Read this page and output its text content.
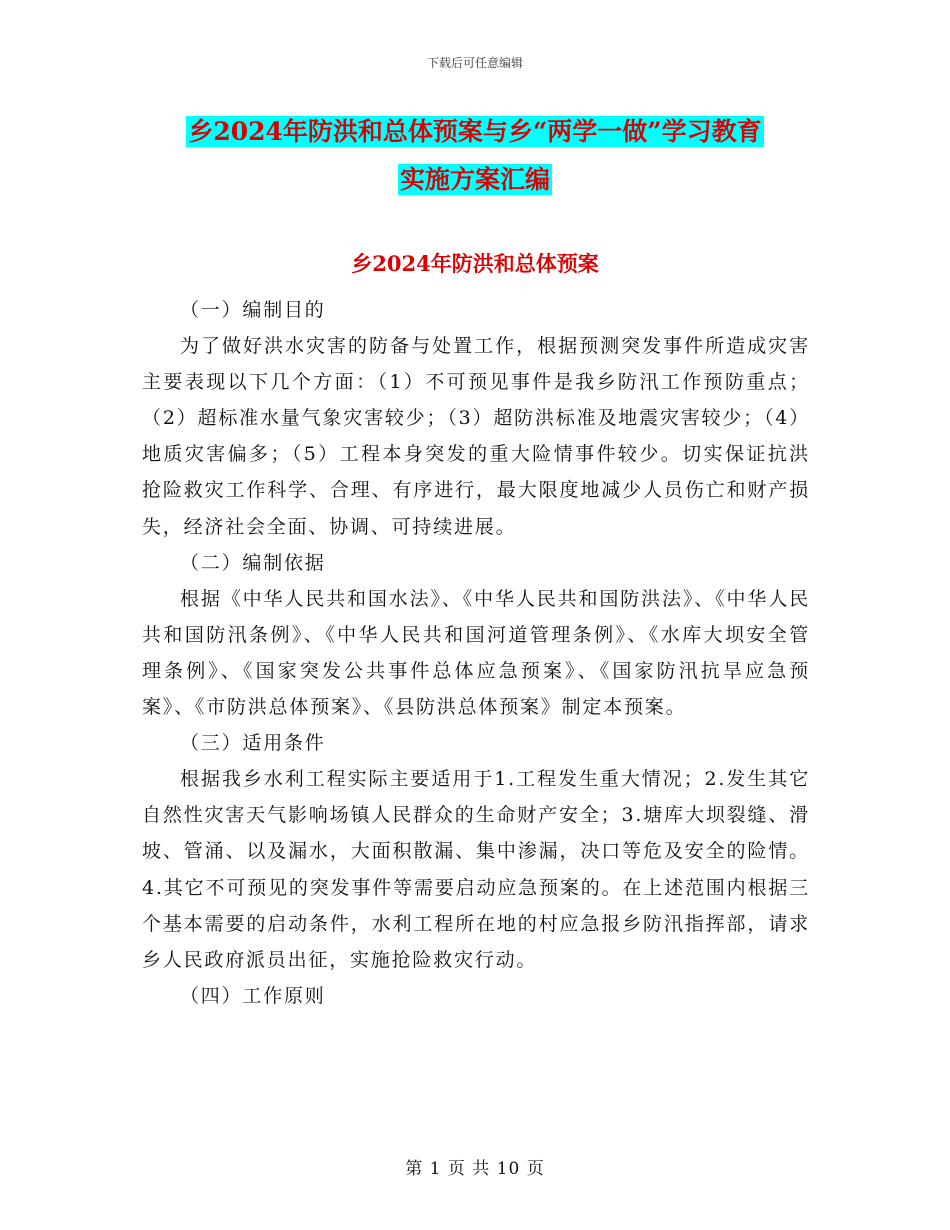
下载后可任意编辑
乡2024年防洪和总体预案与乡“两学一做”学习教育
实施方案汇编
乡2024年防洪和总体预案

（一）编制目的

为了做好洪水灾害的防备与处置工作，根据预测突发事件所造成灾害主要表现以下几个方面：（1）不可预见事件是我乡防汛工作预防重点；（2）超标准水量气象灾害较少；（3）超防洪标准及地震灾害较少；（4）地质灾害偏多；（5）工程本身突发的重大险情事件较少。切实保证抗洪抢险救灾工作科学、合理、有序进行，最大限度地减少人员伤亡和财产损失，经济社会全面、协调、可持续进展。

（二）编制依据

根据《中华人民共和国水法》、《中华人民共和国防洪法》、《中华人民共和国防汛条例》、《中华人民共和国河道管理条例》、《水库大坝安全管理条例》、《国家突发公共事件总体应急预案》、《国家防汛抗旱应急预案》、《市防洪总体预案》、《县防洪总体预案》制定本预案。

（三）适用条件

根据我乡水利工程实际主要适用于1.工程发生重大情况；2.发生其它自然性灾害天气影响场镇人民群众的生命财产安全；3.塘库大坝裂缝、滑坡、管涌、以及漏水，大面积散漏、集中渗漏，决口等危及安全的险情。4.其它不可预见的突发事件等需要启动应急预案的。在上述范围内根据三个基本需要的启动条件，水利工程所在地的村应急报乡防汛指挥部，请求乡人民政府派员出征，实施抢险救灾行动。

（四）工作原则

第 1 页 共 10 页
